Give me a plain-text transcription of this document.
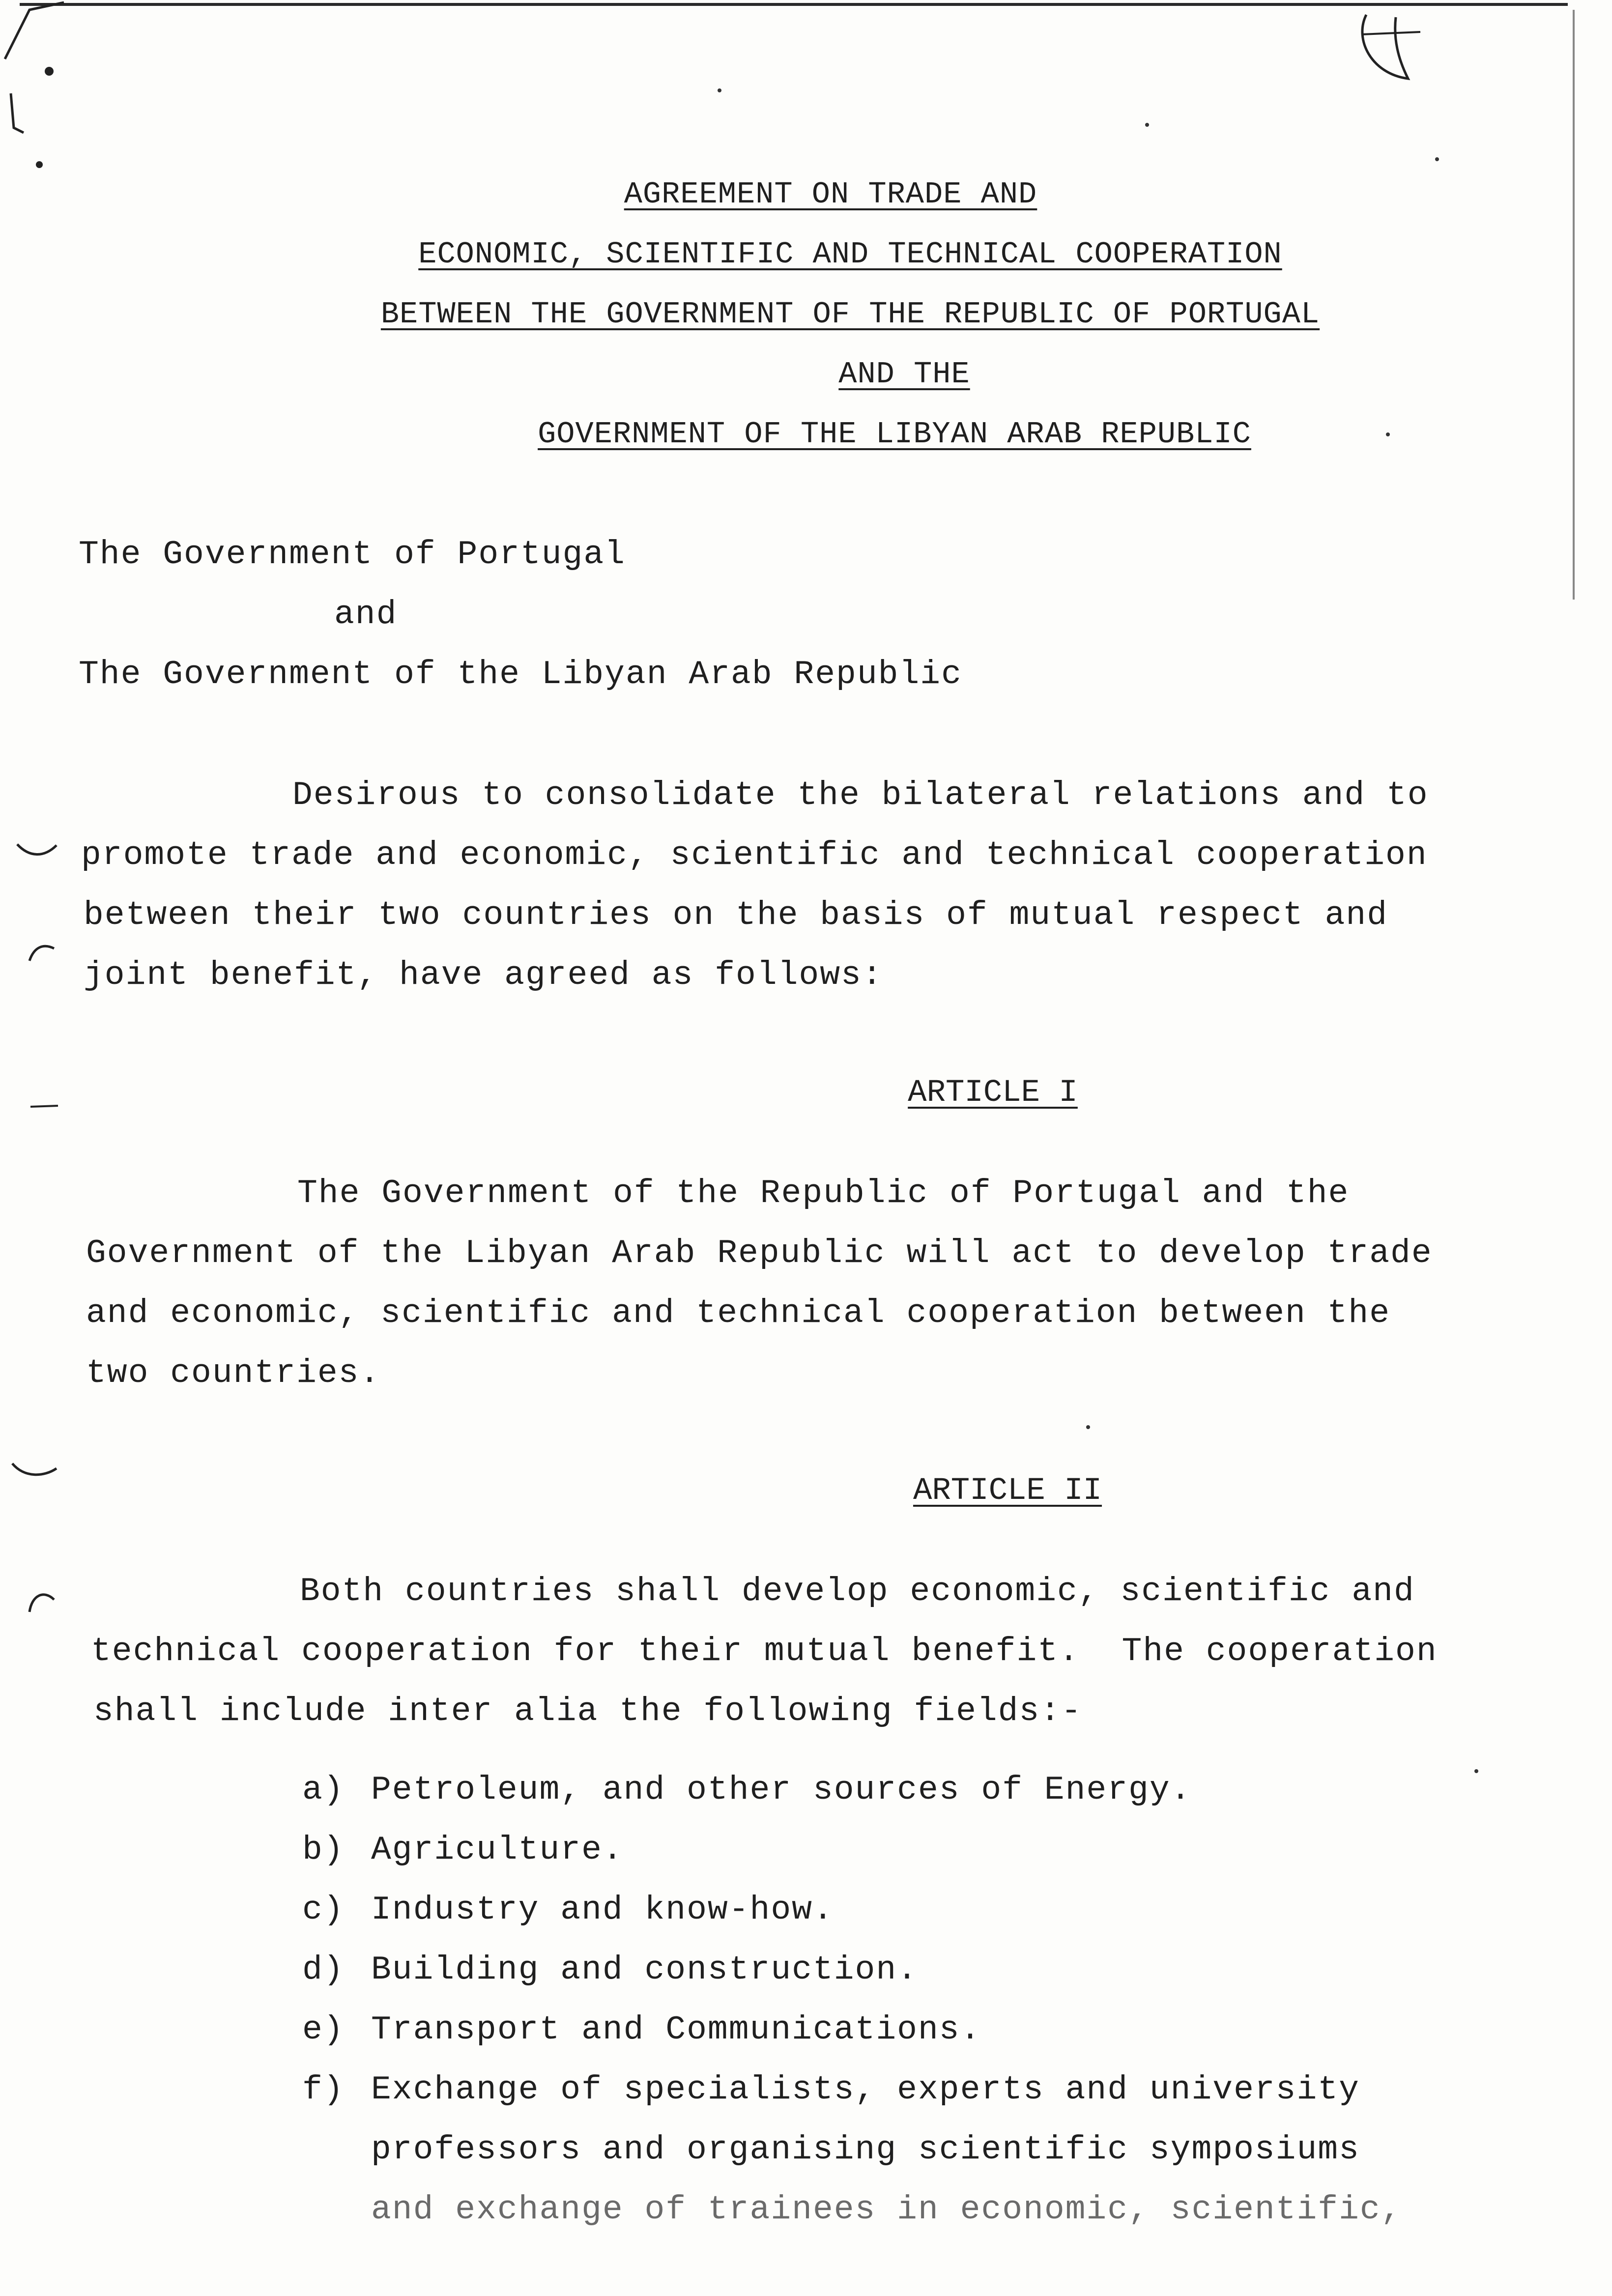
AGREEMENT ON TRADE AND
ECONOMIC, SCIENTIFIC AND TECHNICAL COOPERATION
BETWEEN THE GOVERNMENT OF THE REPUBLIC OF PORTUGAL
AND THE
GOVERNMENT OF THE LIBYAN ARAB REPUBLIC
The Government of Portugal
and
The Government of the Libyan Arab Republic
Desirous to consolidate the bilateral relations and to
promote trade and economic, scientific and technical cooperation
between their two countries on the basis of mutual respect and
joint benefit, have agreed as follows:
ARTICLE I
The Government of the Republic of Portugal and the
Government of the Libyan Arab Republic will act to develop trade
and economic, scientific and technical cooperation between the
two countries.
ARTICLE II
Both countries shall develop economic, scientific and
technical cooperation for their mutual benefit.  The cooperation
shall include inter alia the following fields:-
a) Petroleum, and other sources of Energy.
b) Agriculture.
c) Industry and know-how.
d) Building and construction.
e) Transport and Communications.
f) Exchange of specialists, experts and university
professors and organising scientific symposiums
and exchange of trainees in economic, scientific,
